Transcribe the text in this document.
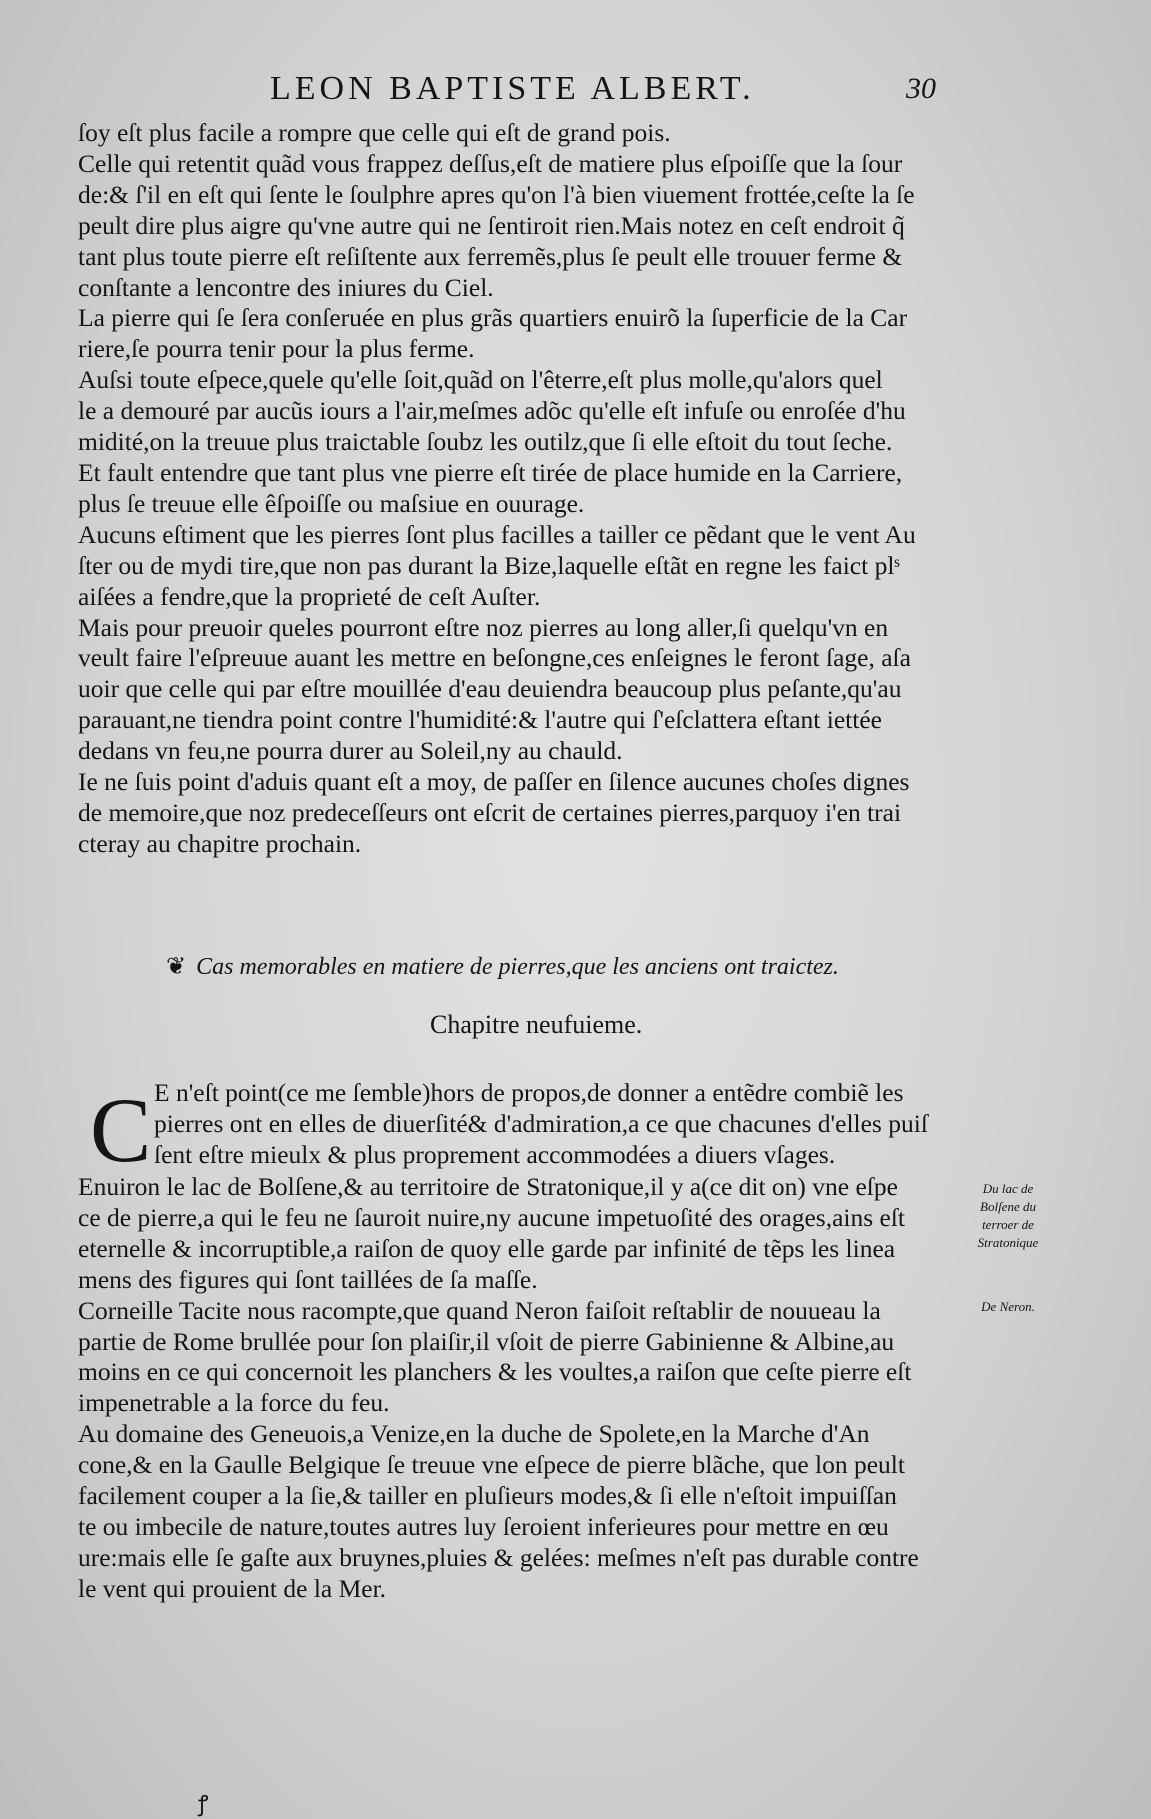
LEON BAPTISTE ALBERT.	30
ſoy eſt plus facile a rompre que celle qui eſt de grand pois.
Celle qui retentit quãd vous frappez deſſus,eſt de matiere plus eſpoiſſe que la ſour
de:& ſ'il en eſt qui ſente le ſoulphre apres qu'on l'à bien viuement frottée,ceſte la ſe
peult dire plus aigre qu'vne autre qui ne ſentiroit rien.Mais notez en ceſt endroit q̃
tant plus toute pierre eſt reſiſtente aux ferremẽs,plus ſe peult elle trouuer ferme &
conſtante a lencontre des iniures du Ciel.
La pierre qui ſe ſera conſeruée en plus grãs quartiers enuirõ la ſuperficie de la Car
riere,ſe pourra tenir pour la plus ferme.
Auſsi toute eſpece,quele qu'elle ſoit,quãd on l'êterre,eſt plus molle,qu'alors quel
le a demouré par aucũs iours a l'air,meſmes adõc qu'elle eſt infuſe ou enroſée d'hu
midité,on la treuue plus traictable ſoubz les outilz,que ſi elle eſtoit du tout ſeche.
Et fault entendre que tant plus vne pierre eſt tirée de place humide en la Carriere,
plus ſe treuue elle êſpoiſſe ou maſsiue en ouurage.
Aucuns eſtiment que les pierres ſont plus facilles a tailler ce pẽdant que le vent Au
ſter ou de mydi tire,que non pas durant la Bize,laquelle eſtãt en regne les faict plˢ
aiſées a fendre,que la proprieté de ceſt Auſter.
Mais pour preuoir queles pourront eſtre noz pierres au long aller,ſi quelqu'vn en
veult faire l'eſpreuue auant les mettre en beſongne,ces enſeignes le feront ſage, aſa
uoir que celle qui par eſtre mouillée d'eau deuiendra beaucoup plus peſante,qu'au
parauant,ne tiendra point contre l'humidité:& l'autre qui ſ'eſclattera eſtant iettée
dedans vn feu,ne pourra durer au Soleil,ny au chauld.
Ie ne ſuis point d'aduis quant eſt a moy, de paſſer en ſilence aucunes choſes dignes
de memoire,que noz predeceſſeurs ont eſcrit de certaines pierres,parquoy i'en trai
cteray au chapitre prochain.
❦ Cas memorables en matiere de pierres,que les anciens ont traictez.
Chapitre neufuieme.
C E n'eſt point(ce me ſemble)hors de propos,de donner a entẽdre combiẽ les
pierres ont en elles de diuerſité& d'admiration,a ce que chacunes d'elles puiſ
ſent eſtre mieulx & plus proprement accommodées a diuers vſages.
Enuiron le lac de Bolſene,& au territoire de Stratonique,il y a(ce dit on) vne eſpe
ce de pierre,a qui le feu ne ſauroit nuire,ny aucune impetuoſité des orages,ains eſt
eternelle & incorruptible,a raiſon de quoy elle garde par infinité de tẽps les linea
mens des figures qui ſont taillées de ſa maſſe.
Corneille Tacite nous racompte,que quand Neron faiſoit reſtablir de nouueau la
partie de Rome brullée pour ſon plaiſir,il vſoit de pierre Gabinienne & Albine,au
moins en ce qui concernoit les planchers & les voultes,a raiſon que ceſte pierre eſt
impenetrable a la force du feu.
Au domaine des Geneuois,a Venize,en la duche de Spolete,en la Marche d'An
cone,& en la Gaulle Belgique ſe treuue vne eſpece de pierre blãche, que lon peult
facilement couper a la ſie,& tailler en pluſieurs modes,& ſi elle n'eſtoit impuiſſan
te ou imbecile de nature,toutes autres luy ſeroient inferieures pour mettre en œu
ure:mais elle ſe gaſte aux bruynes,pluies & gelées: meſmes n'eſt pas durable contre
le vent qui prouient de la Mer.
Du lac de Bolſene du terroer de Stratonique
De Neron.
ꝭ
